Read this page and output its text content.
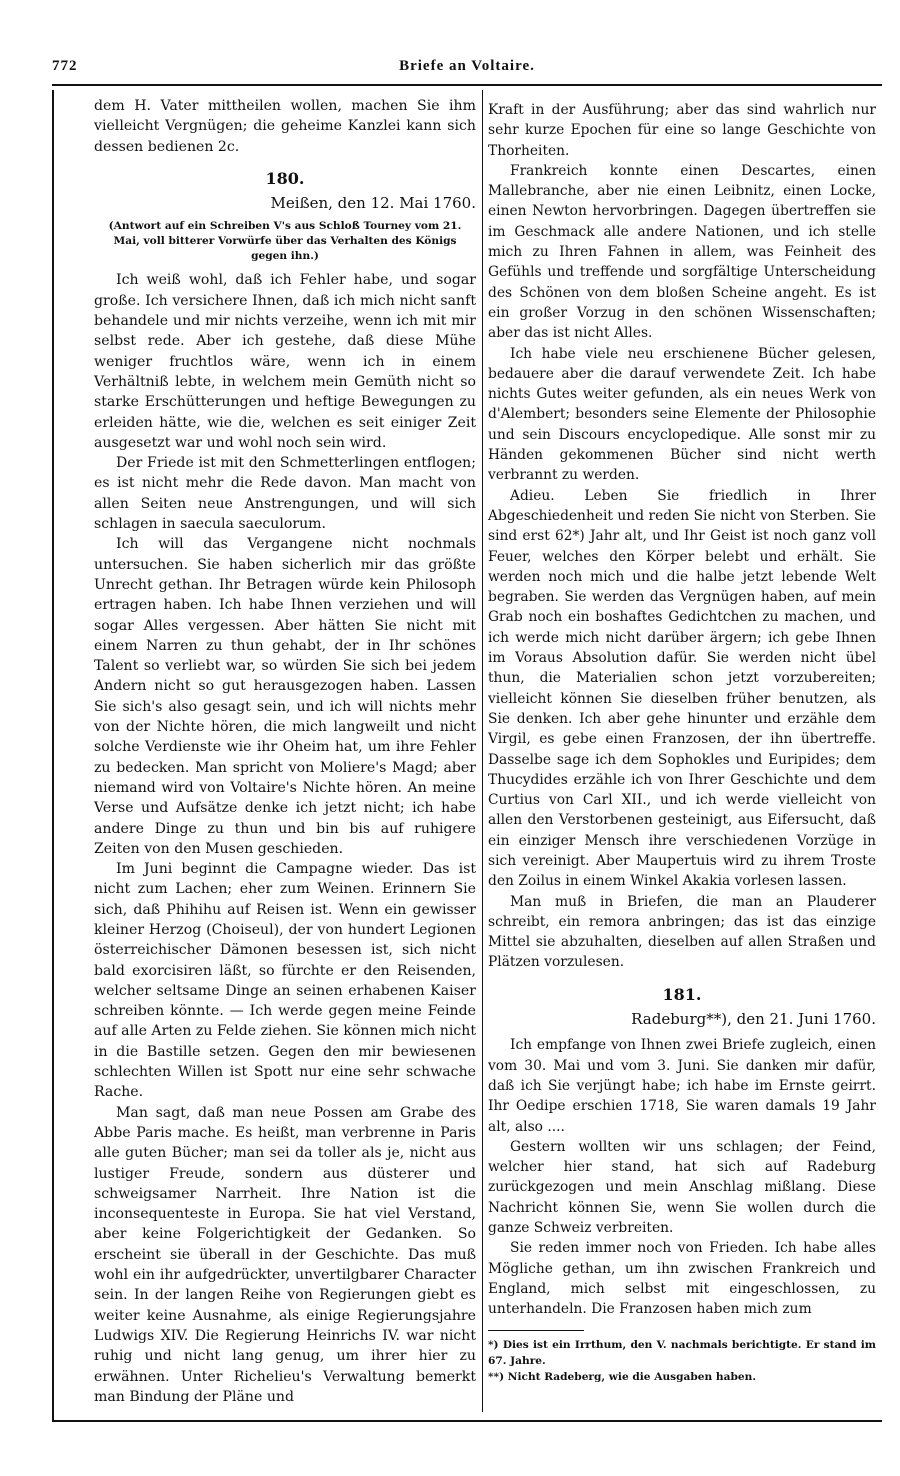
772	Briefe an Voltaire.

dem H. Vater mittheilen wollen, machen Sie ihm vielleicht Vergnügen; die geheime Kanzlei kann sich dessen bedienen 2c.

180.
Meißen, den 12. Mai 1760.
(Antwort auf ein Schreiben V's aus Schloß Tourney vom 21. Mai, voll bitterer Vorwürfe über das Verhalten des Königs gegen ihn.)

Ich weiß wohl, daß ich Fehler habe, und sogar große. Ich versichere Ihnen, daß ich mich nicht sanft behandele und mir nichts verzeihe, wenn ich mit mir selbst rede. Aber ich gestehe, daß diese Mühe weniger fruchtlos wäre, wenn ich in einem Verhältniß lebte, in welchem mein Gemüth nicht so starke Erschütterungen und heftige Bewegungen zu erleiden hätte, wie die, welchen es seit einiger Zeit ausgesetzt war und wohl noch sein wird.

Der Friede ist mit den Schmetterlingen entflogen; es ist nicht mehr die Rede davon. Man macht von allen Seiten neue Anstrengungen, und will sich schlagen in saecula saeculorum.

Ich will das Vergangene nicht nochmals untersuchen. Sie haben sicherlich mir das größte Unrecht gethan. Ihr Betragen würde kein Philosoph ertragen haben. Ich habe Ihnen verziehen und will sogar Alles vergessen. Aber hätten Sie nicht mit einem Narren zu thun gehabt, der in Ihr schönes Talent so verliebt war, so würden Sie sich bei jedem Andern nicht so gut herausgezogen haben. Lassen Sie sich's also gesagt sein, und ich will nichts mehr von der Nichte hören, die mich langweilt und nicht solche Verdienste wie ihr Oheim hat, um ihre Fehler zu bedecken. Man spricht von Moliere's Magd; aber niemand wird von Voltaire's Nichte hören. An meine Verse und Aufsätze denke ich jetzt nicht; ich habe andere Dinge zu thun und bin bis auf ruhigere Zeiten von den Musen geschieden.

Im Juni beginnt die Campagne wieder. Das ist nicht zum Lachen; eher zum Weinen. Erinnern Sie sich, daß Phihihu auf Reisen ist. Wenn ein gewisser kleiner Herzog (Choiseul), der von hundert Legionen österreichischer Dämonen besessen ist, sich nicht bald exorcisiren läßt, so fürchte er den Reisenden, welcher seltsame Dinge an seinen erhabenen Kaiser schreiben könnte. — Ich werde gegen meine Feinde auf alle Arten zu Felde ziehen. Sie können mich nicht in die Bastille setzen. Gegen den mir bewiesenen schlechten Willen ist Spott nur eine sehr schwache Rache.

Man sagt, daß man neue Possen am Grabe des Abbe Paris mache. Es heißt, man verbrenne in Paris alle guten Bücher; man sei da toller als je, nicht aus lustiger Freude, sondern aus düsterer und schweigsamer Narrheit. Ihre Nation ist die inconsequenteste in Europa. Sie hat viel Verstand, aber keine Folgerichtigkeit der Gedanken. So erscheint sie überall in der Geschichte. Das muß wohl ein ihr aufgedrückter, unvertilgbarer Character sein. In der langen Reihe von Regierungen giebt es weiter keine Ausnahme, als einige Regierungsjahre Ludwigs XIV. Die Regierung Heinrichs IV. war nicht ruhig und nicht lang genug, um ihrer hier zu erwähnen. Unter Richelieu's Verwaltung bemerkt man Bindung der Pläne und

Kraft in der Ausführung; aber das sind wahrlich nur sehr kurze Epochen für eine so lange Geschichte von Thorheiten.

Frankreich konnte einen Descartes, einen Mallebranche, aber nie einen Leibnitz, einen Locke, einen Newton hervorbringen. Dagegen übertreffen sie im Geschmack alle andere Nationen, und ich stelle mich zu Ihren Fahnen in allem, was Feinheit des Gefühls und treffende und sorgfältige Unterscheidung des Schönen von dem bloßen Scheine angeht. Es ist ein großer Vorzug in den schönen Wissenschaften; aber das ist nicht Alles.

Ich habe viele neu erschienene Bücher gelesen, bedauere aber die darauf verwendete Zeit. Ich habe nichts Gutes weiter gefunden, als ein neues Werk von d'Alembert; besonders seine Elemente der Philosophie und sein Discours encyclopedique. Alle sonst mir zu Händen gekommenen Bücher sind nicht werth verbrannt zu werden.

Adieu. Leben Sie friedlich in Ihrer Abgeschiedenheit und reden Sie nicht von Sterben. Sie sind erst 62*) Jahr alt, und Ihr Geist ist noch ganz voll Feuer, welches den Körper belebt und erhält. Sie werden noch mich und die halbe jetzt lebende Welt begraben. Sie werden das Vergnügen haben, auf mein Grab noch ein boshaftes Gedichtchen zu machen, und ich werde mich nicht darüber ärgern; ich gebe Ihnen im Voraus Absolution dafür. Sie werden nicht übel thun, die Materialien schon jetzt vorzubereiten; vielleicht können Sie dieselben früher benutzen, als Sie denken. Ich aber gehe hinunter und erzähle dem Virgil, es gebe einen Franzosen, der ihn übertreffe. Dasselbe sage ich dem Sophokles und Euripides; dem Thucydides erzähle ich von Ihrer Geschichte und dem Curtius von Carl XII., und ich werde vielleicht von allen den Verstorbenen gesteinigt, aus Eifersucht, daß ein einziger Mensch ihre verschiedenen Vorzüge in sich vereinigt. Aber Maupertuis wird zu ihrem Troste den Zoilus in einem Winkel Akakia vorlesen lassen.

Man muß in Briefen, die man an Plauderer schreibt, ein remora anbringen; das ist das einzige Mittel sie abzuhalten, dieselben auf allen Straßen und Plätzen vorzulesen.

181.
Radeburg**), den 21. Juni 1760.

Ich empfange von Ihnen zwei Briefe zugleich, einen vom 30. Mai und vom 3. Juni. Sie danken mir dafür, daß ich Sie verjüngt habe; ich habe im Ernste geirrt. Ihr Oedipe erschien 1718, Sie waren damals 19 Jahr alt, also ....

Gestern wollten wir uns schlagen; der Feind, welcher hier stand, hat sich auf Radeburg zurückgezogen und mein Anschlag mißlang. Diese Nachricht können Sie, wenn Sie wollen durch die ganze Schweiz verbreiten.

Sie reden immer noch von Frieden. Ich habe alles Mögliche gethan, um ihn zwischen Frankreich und England, mich selbst mit eingeschlossen, zu unterhandeln. Die Franzosen haben mich zum

*) Dies ist ein Irrthum, den V. nachmals berichtigte. Er stand im 67. Jahre.

**) Nicht Radeberg, wie die Ausgaben haben.
